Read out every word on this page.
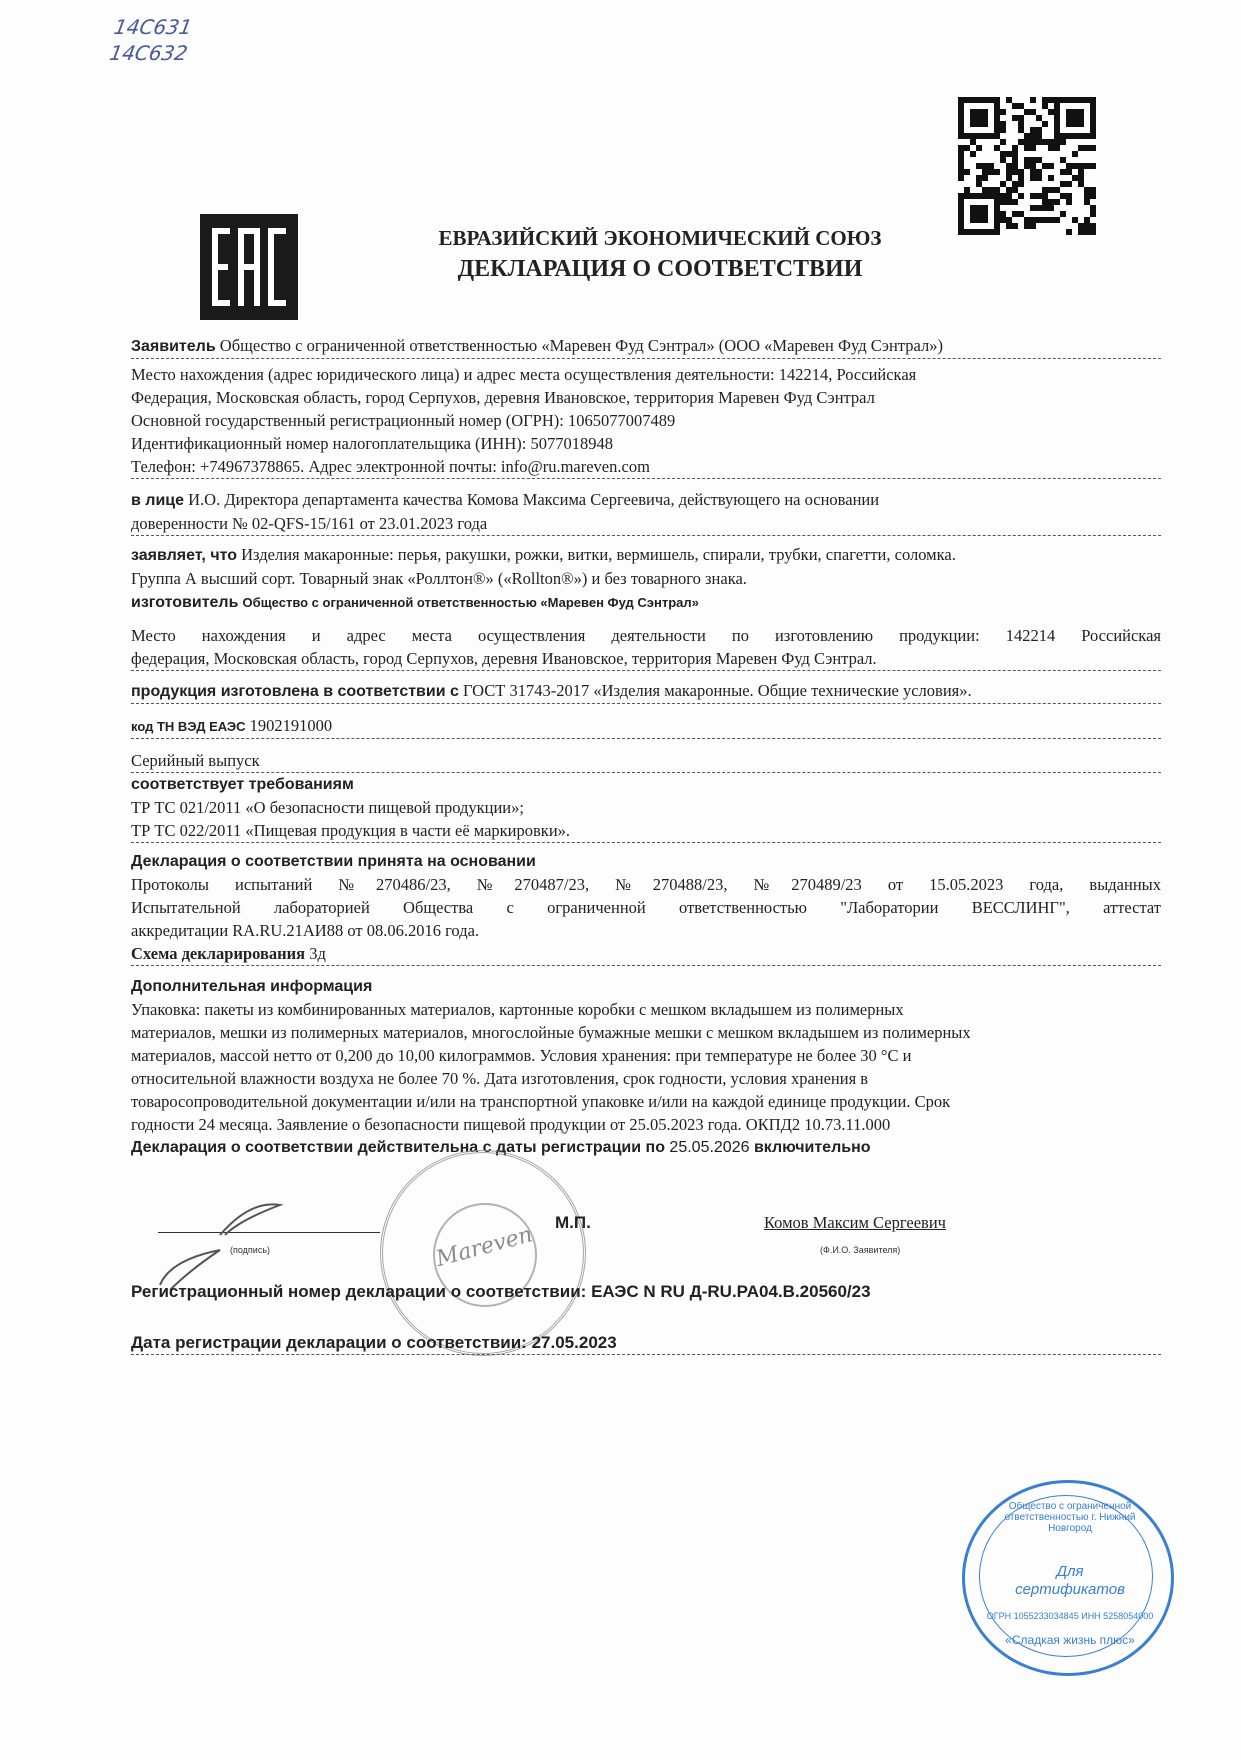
14С631
14С632
ЕВРАЗИЙСКИЙ ЭКОНОМИЧЕСКИЙ СОЮЗ
ДЕКЛАРАЦИЯ О СООТВЕТСТВИИ
Заявитель Общество с ограниченной ответственностью «Маревен Фуд Сэнтрал» (ООО «Маревен Фуд Сэнтрал»)
Место нахождения (адрес юридического лица) и адрес места осуществления деятельности: 142214, Российская
Федерация, Московская область, город Серпухов, деревня Ивановское, территория Маревен Фуд Сэнтрал
Основной государственный регистрационный номер (ОГРН): 1065077007489
Идентификационный номер налогоплательщика (ИНН): 5077018948
Телефон: +74967378865. Адрес электронной почты: info@ru.mareven.com
в лице И.О. Директора департамента качества Комова Максима Сергеевича, действующего на основании
доверенности № 02-QFS-15/161 от 23.01.2023 года
заявляет, что Изделия макаронные: перья, ракушки, рожки, витки, вермишель, спирали, трубки, спагетти, соломка.
Группа А высший сорт. Товарный знак «Роллтон®» («Rollton®») и без товарного знака.
изготовитель Общество с ограниченной ответственностью «Маревен Фуд Сэнтрал»
Место нахождения и адрес места осуществления деятельности по изготовлению продукции: 142214 Российская
федерация, Московская область, город Серпухов, деревня Ивановское, территория Маревен Фуд Сэнтрал.
продукция изготовлена в соответствии с ГОСТ 31743-2017 «Изделия макаронные. Общие технические условия».
код ТН ВЭД ЕАЭС 1902191000
Серийный выпуск
соответствует требованиям
ТР ТС 021/2011 «О безопасности пищевой продукции»;
ТР ТС 022/2011 «Пищевая продукция в части её маркировки».
Декларация о соответствии принята на основании
Протоколы испытаний №270486/23, №270487/23, №270488/23, №270489/23 от 15.05.2023 года, выданных
Испытательной лабораторией Общества с ограниченной ответственностью "Лаборатории ВЕССЛИНГ", аттестат
аккредитации RA.RU.21АИ88 от 08.06.2016 года.
Схема декларирования 3д
Дополнительная информация
Упаковка: пакеты из комбинированных материалов, картонные коробки с мешком вкладышем из полимерных
материалов, мешки из полимерных материалов, многослойные бумажные мешки с мешком вкладышем из полимерных
материалов, массой нетто от 0,200 до 10,00 килограммов. Условия хранения: при температуре не более 30 °С и
относительной влажности воздуха не более 70 %. Дата изготовления, срок годности, условия хранения в
товаросопроводительной документации и/или на транспортной упаковке и/или на каждой единице продукции. Срок
годности 24 месяца. Заявление о безопасности пищевой продукции от 25.05.2023 года. ОКПД2 10.73.11.000
Декларация о соответствии действительна с даты регистрации по 25.05.2026 включительно
(подпись)	Mareven М.П.	Комов Максим Сергеевич
(Ф.И.О. Заявителя)
Регистрационный номер декларации о соответствии: ЕАЭС N RU Д-RU.PA04.B.20560/23
Дата регистрации декларации о соответствии: 27.05.2023
Общество с ограниченной ответственностью г. Нижний Новгород
Для сертификатов
ОГРН 1055233034845 ИНН 5258054000
«Сладкая жизнь плюс»
